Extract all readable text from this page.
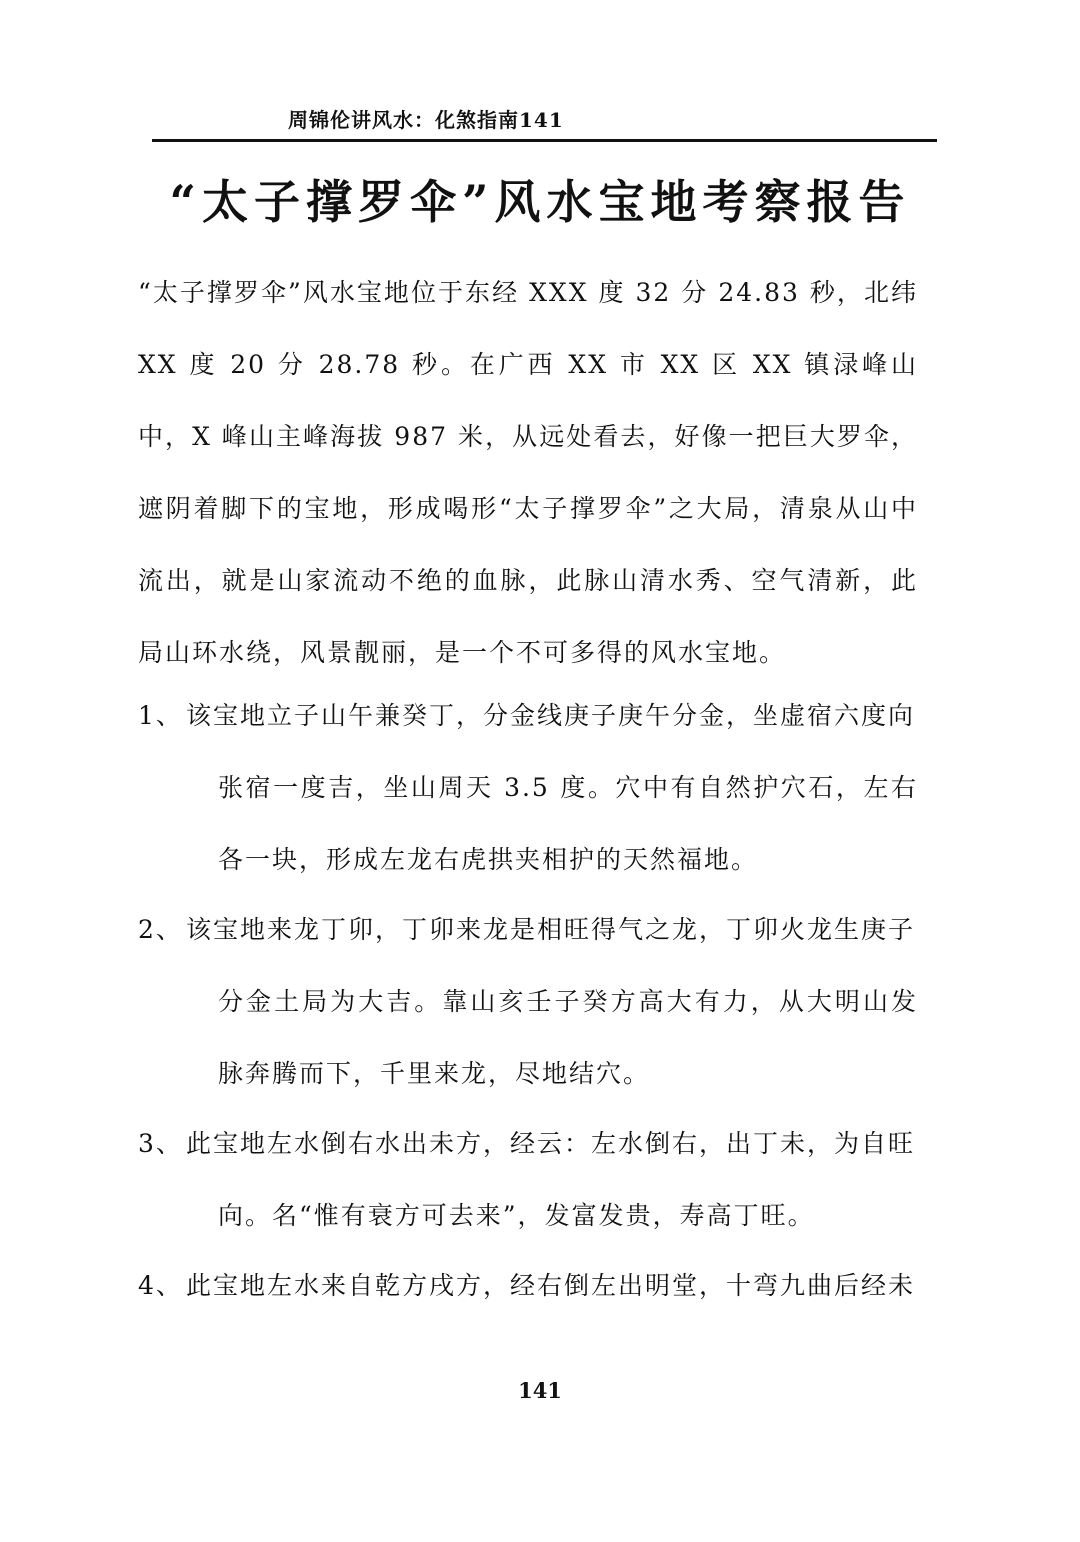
周锦伦讲风水：化煞指南141
“太子撑罗伞”风水宝地考察报告

“太子撑罗伞”风水宝地位于东经 XXX 度 32 分 24.83 秒，北纬 XX 度 20 分 28.78 秒。在广西 XX 市 XX 区 XX 镇渌峰山中，X 峰山主峰海拔 987 米，从远处看去，好像一把巨大罗伞，遮阴着脚下的宝地，形成喝形“太子撑罗伞”之大局，清泉从山中流出，就是山家流动不绝的血脉，此脉山清水秀、空气清新，此局山环水绕，风景靓丽，是一个不可多得的风水宝地。

1、 该宝地立子山午兼癸丁，分金线庚子庚午分金，坐虚宿六度向
张宿一度吉，坐山周天 3.5 度。穴中有自然护穴石，左右各一块，形成左龙右虎拱夹相护的天然福地。
2、 该宝地来龙丁卯，丁卯来龙是相旺得气之龙，丁卯火龙生庚子
分金土局为大吉。靠山亥壬子癸方高大有力，从大明山发脉奔腾而下，千里来龙，尽地结穴。
3、 此宝地左水倒右水出未方，经云：左水倒右，出丁未，为自旺
向。名“惟有衰方可去来”，发富发贵，寿高丁旺。
4、 此宝地左水来自乾方戌方，经右倒左出明堂，十弯九曲后经未
141
